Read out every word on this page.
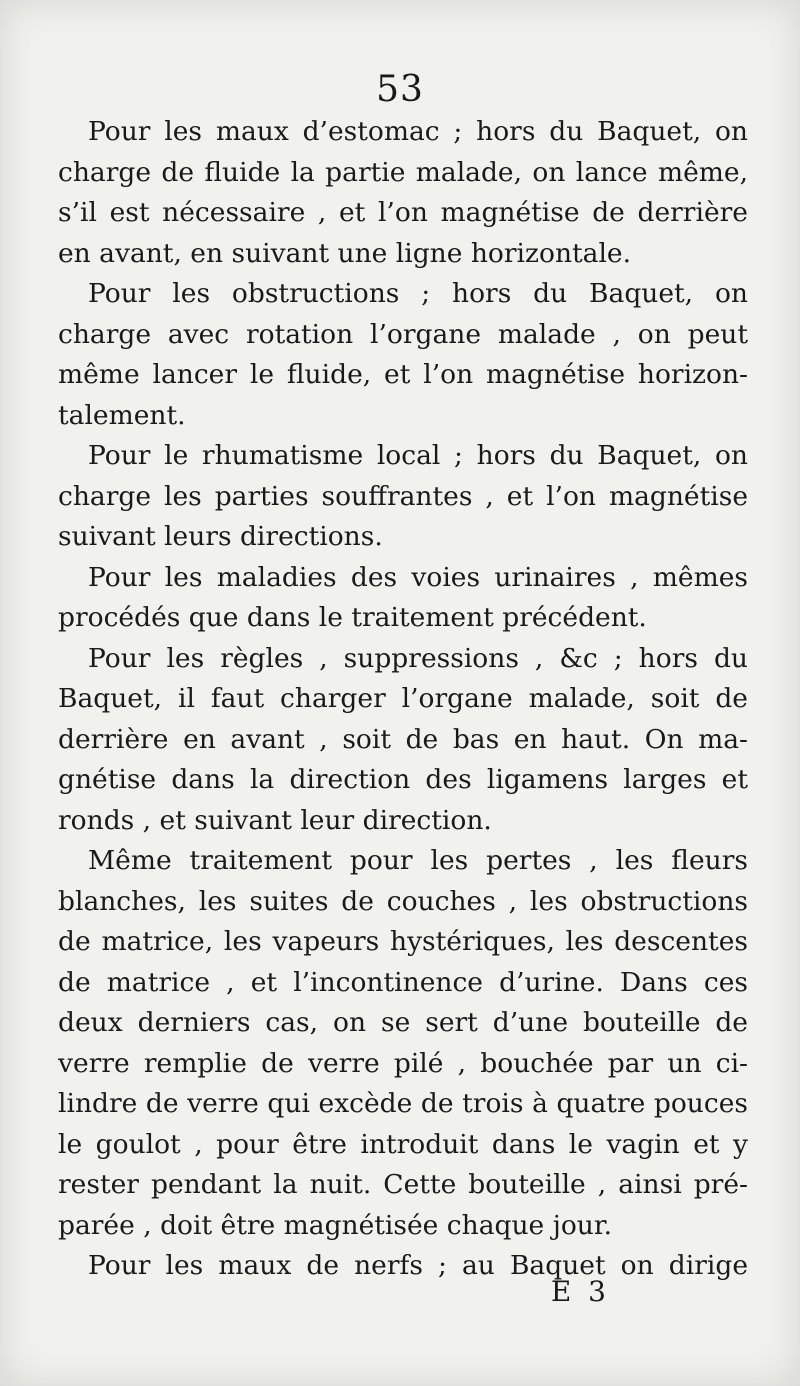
53
Pour les maux d’estomac ; hors du Baquet, on
charge de fluide la partie malade, on lance même,
s’il est nécessaire , et l’on magnétise de derrière
en avant, en suivant une ligne horizontale.
Pour les obstructions ; hors du Baquet, on
charge avec rotation l’organe malade , on peut
même lancer le fluide, et l’on magnétise horizon-
talement.
Pour le rhumatisme local ; hors du Baquet, on
charge les parties souffrantes , et l’on magnétise
suivant leurs directions.
Pour les maladies des voies urinaires , mêmes
procédés que dans le traitement précédent.
Pour les règles , suppressions , &c ; hors du
Baquet, il faut charger l’organe malade, soit de
derrière en avant , soit de bas en haut. On ma-
gnétise dans la direction des ligamens larges et
ronds , et suivant leur direction.
Même traitement pour les pertes , les fleurs
blanches, les suites de couches , les obstructions
de matrice, les vapeurs hystériques, les descentes
de matrice , et l’incontinence d’urine. Dans ces
deux derniers cas, on se sert d’une bouteille de
verre remplie de verre pilé , bouchée par un ci-
lindre de verre qui excède de trois à quatre pouces
le goulot , pour être introduit dans le vagin et y
rester pendant la nuit. Cette bouteille , ainsi pré-
parée , doit être magnétisée chaque jour.
Pour les maux de nerfs ; au Baquet on dirige
E 3
